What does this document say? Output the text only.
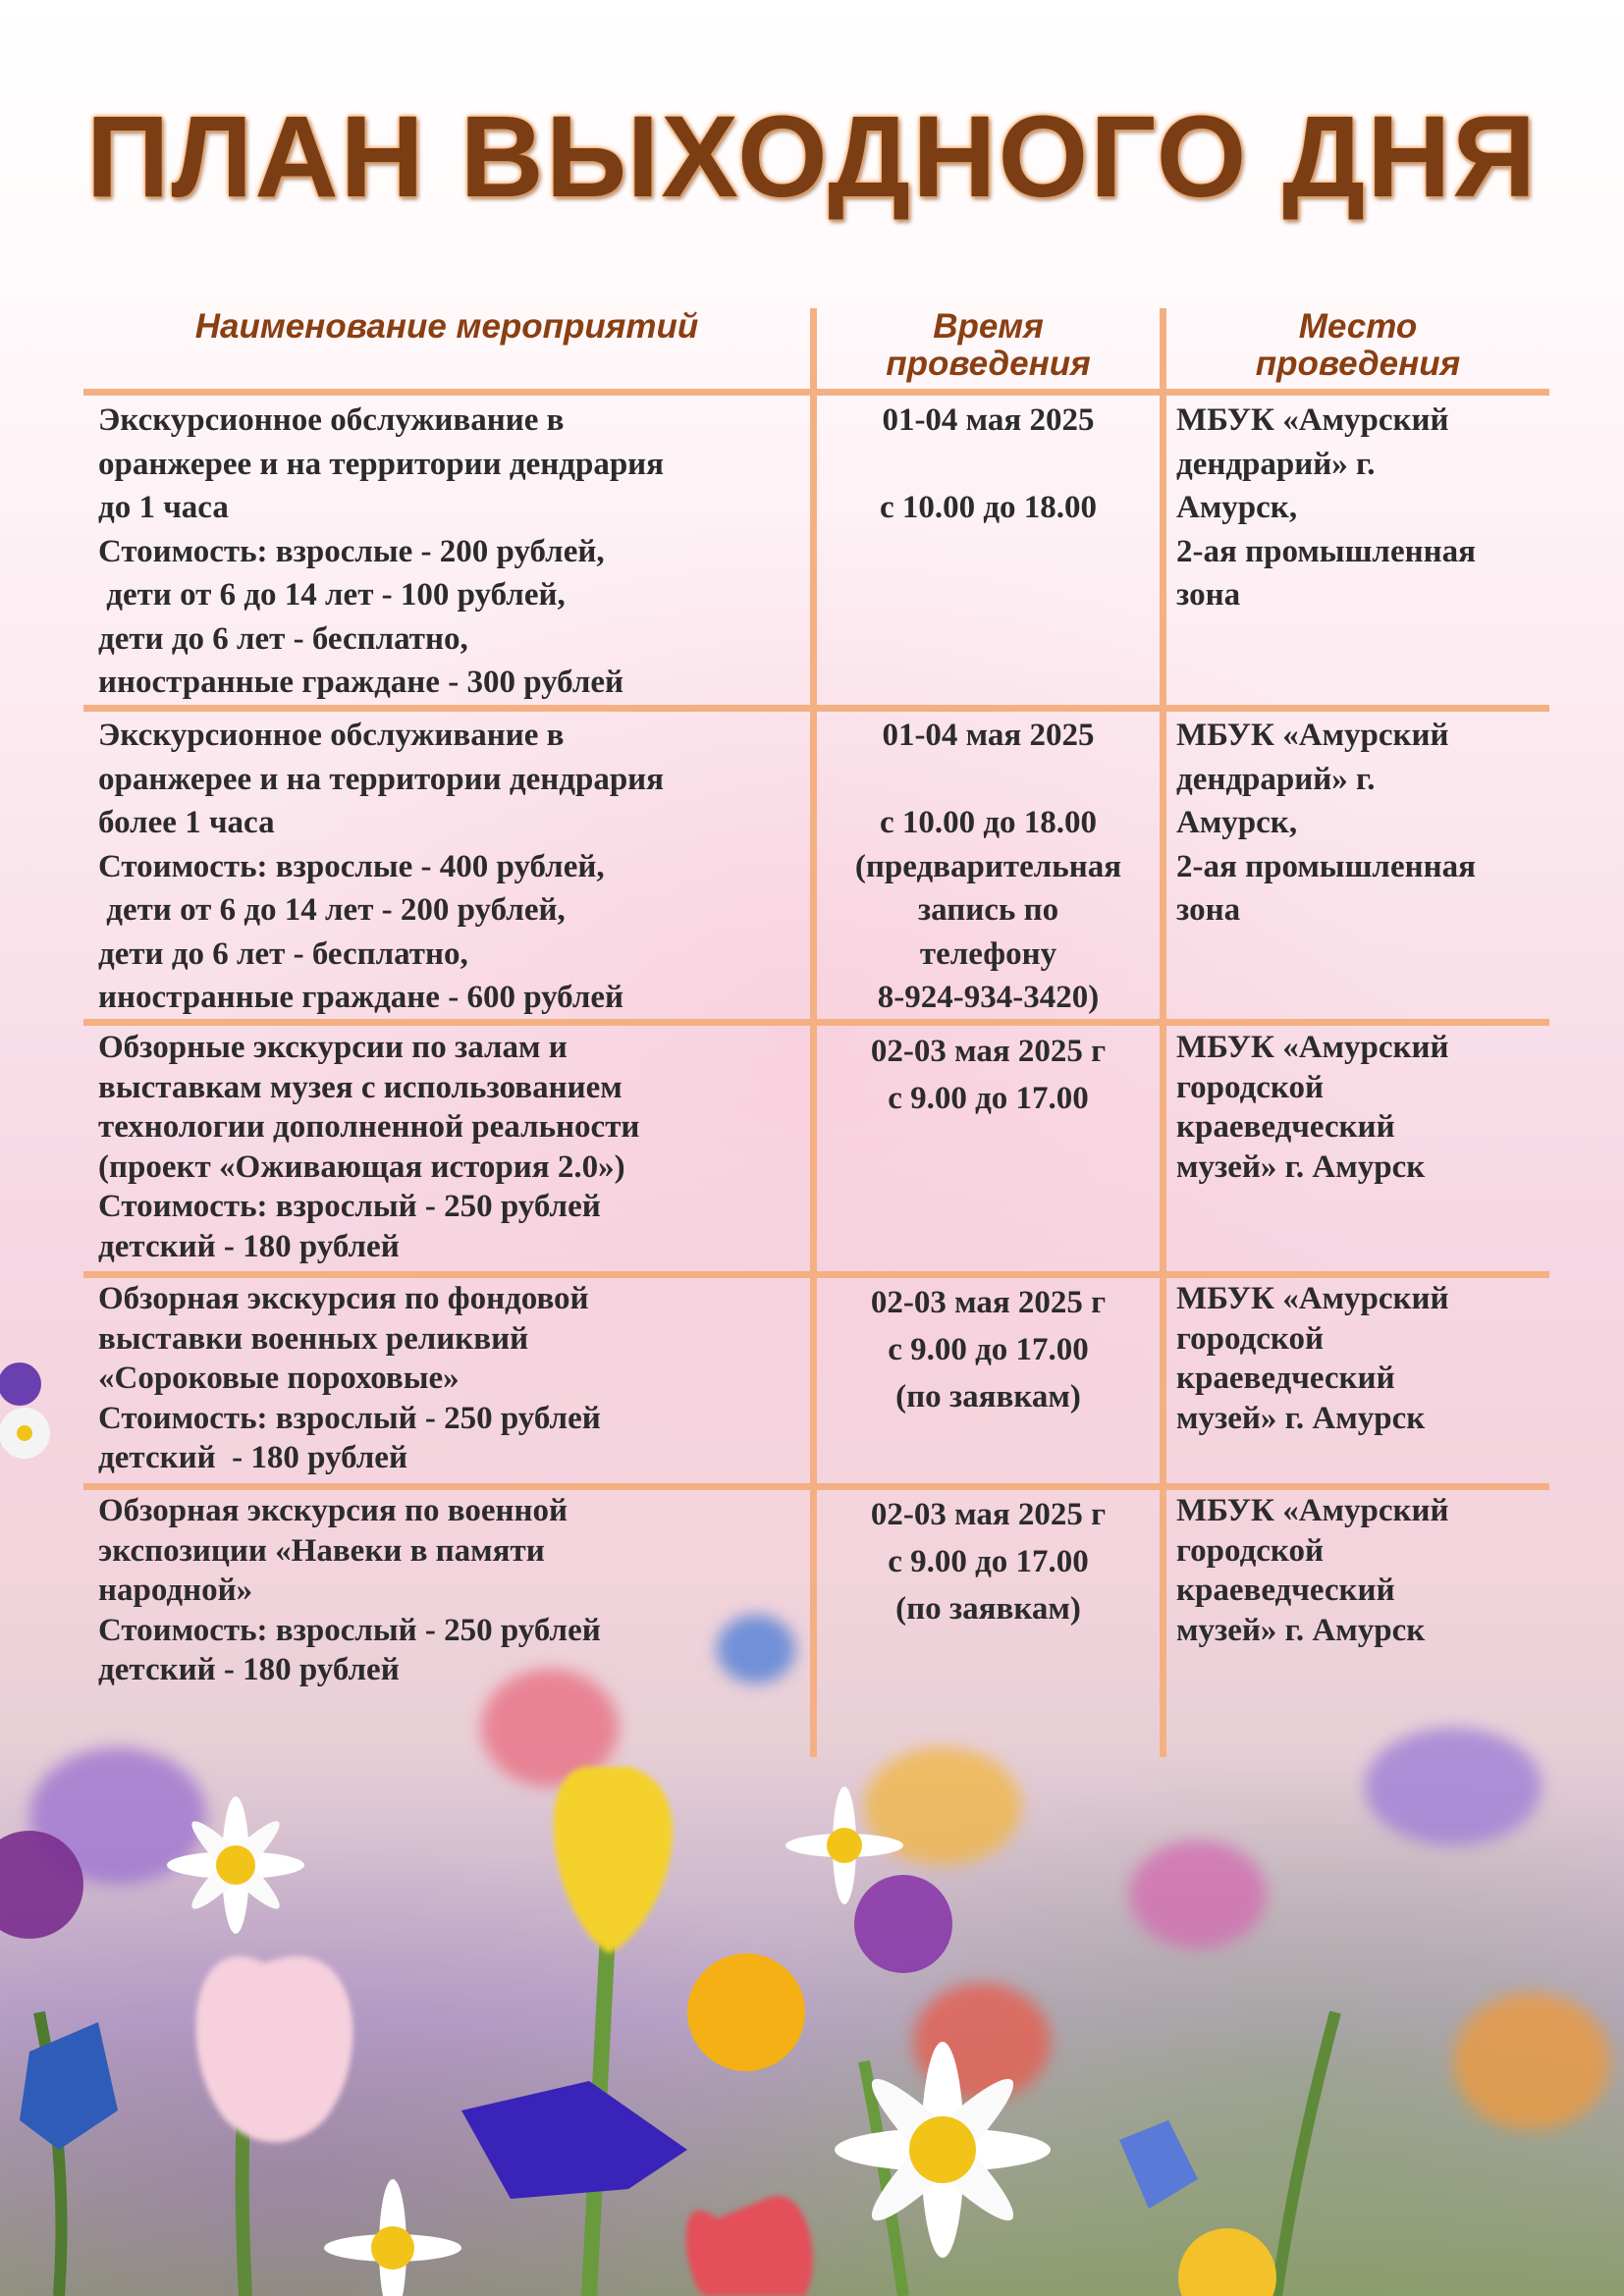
ПЛАН ВЫХОДНОГО ДНЯ
Наименование мероприятий	Время
проведения
Место
проведения
Экскурсионное обслуживание в
оранжерее и на территории дендрария
до 1 часа
Стоимость: взрослые - 200 рублей,
дети от 6 до 14 лет - 100 рублей,
дети до 6 лет - бесплатно,
иностранные граждане - 300 рублей
01-04 мая 2025

с 10.00 до 18.00
МБУК «Амурский
дендрарий» г.
Амурск,
2-ая промышленная
зона
Экскурсионное обслуживание в
оранжерее и на территории дендрария
более 1 часа
Стоимость: взрослые - 400 рублей,
дети от 6 до 14 лет - 200 рублей,
дети до 6 лет - бесплатно,
иностранные граждане - 600 рублей
01-04 мая 2025

с 10.00 до 18.00
(предварительная
запись по
телефону
8-924-934-3420)
МБУК «Амурский
дендрарий» г.
Амурск,
2-ая промышленная
зона
Обзорные экскурсии по залам и
выставкам музея с использованием
технологии дополненной реальности
(проект «Оживающая история 2.0»)
Стоимость: взрослый - 250 рублей
детский - 180 рублей
02-03 мая 2025 г
с 9.00 до 17.00
МБУК «Амурский
городской
краеведческий
музей» г. Амурск
Обзорная экскурсия по фондовой
выставки военных реликвий
«Сороковые пороховые»
Стоимость: взрослый - 250 рублей
детский  - 180 рублей
02-03 мая 2025 г
с 9.00 до 17.00
(по заявкам)
МБУК «Амурский
городской
краеведческий
музей» г. Амурск
Обзорная экскурсия по военной
экспозиции «Навеки в памяти
народной»
Стоимость: взрослый - 250 рублей
детский - 180 рублей
02-03 мая 2025 г
с 9.00 до 17.00
(по заявкам)
МБУК «Амурский
городской
краеведческий
музей» г. Амурск
